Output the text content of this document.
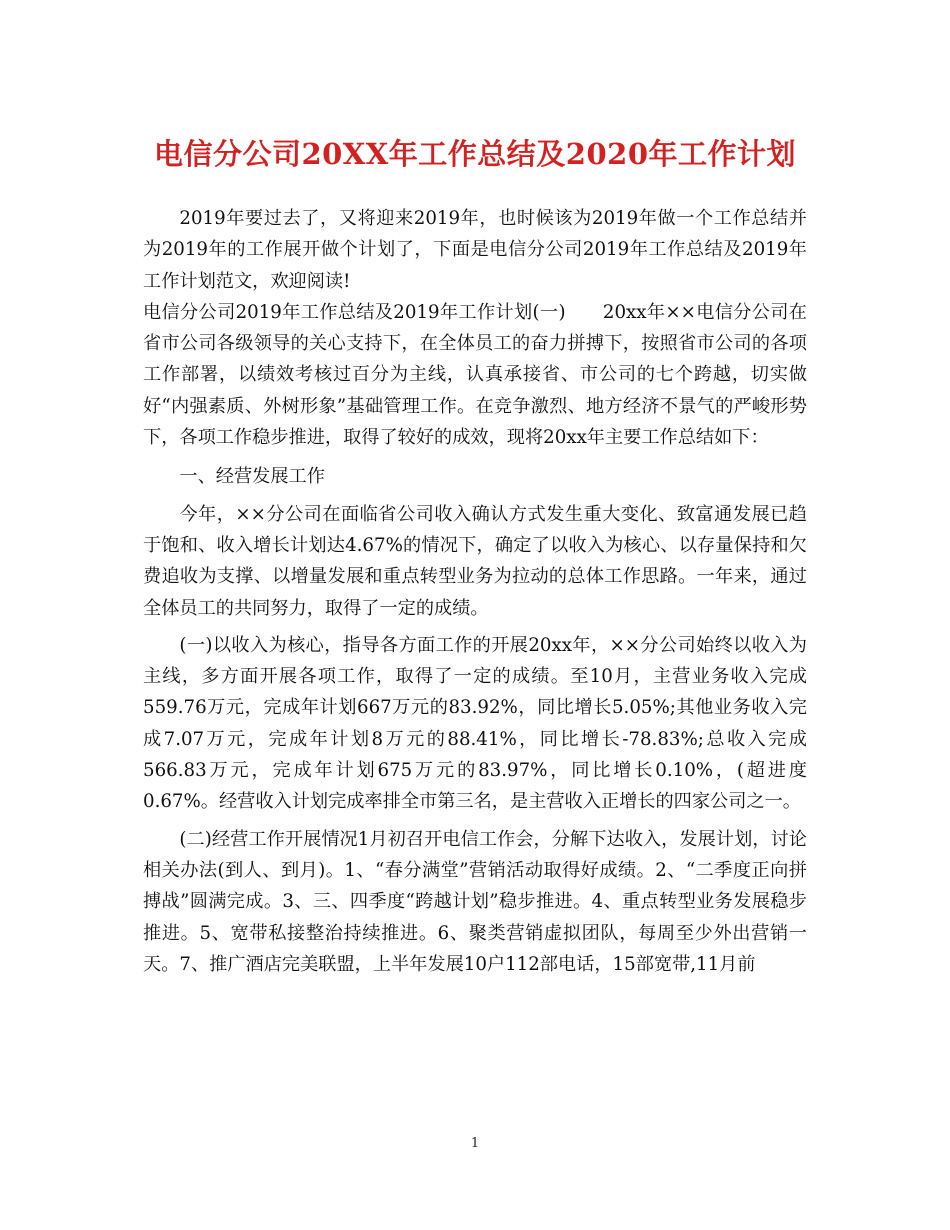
电信分公司20XX年工作总结及2020年工作计划

2019年要过去了，又将迎来2019年，也时候该为2019年做一个工作总结并为2019年的工作展开做个计划了，下面是电信分公司2019年工作总结及2019年工作计划范文，欢迎阅读!

电信分公司2019年工作总结及2019年工作计划(一)　　20xx年××电信分公司在省市公司各级领导的关心支持下，在全体员工的奋力拼搏下，按照省市公司的各项工作部署，以绩效考核过百分为主线，认真承接省、市公司的七个跨越，切实做好“内强素质、外树形象”基础管理工作。在竞争激烈、地方经济不景气的严峻形势下，各项工作稳步推进，取得了较好的成效，现将20xx年主要工作总结如下：

一、经营发展工作

今年，××分公司在面临省公司收入确认方式发生重大变化、致富通发展已趋于饱和、收入增长计划达4.67%的情况下，确定了以收入为核心、以存量保持和欠费追收为支撑、以增量发展和重点转型业务为拉动的总体工作思路。一年来，通过全体员工的共同努力，取得了一定的成绩。

(一)以收入为核心，指导各方面工作的开展20xx年，××分公司始终以收入为主线，多方面开展各项工作，取得了一定的成绩。至10月，主营业务收入完成559.76万元，完成年计划667万元的83.92%，同比增长5.05%;其他业务收入完成7.07万元，完成年计划8万元的88.41%，同比增长-78.83%;总收入完成566.83万元，完成年计划675万元的83.97%，同比增长0.10%，(超进度0.67%。经营收入计划完成率排全市第三名，是主营收入正增长的四家公司之一。

(二)经营工作开展情况1月初召开电信工作会，分解下达收入，发展计划，讨论相关办法(到人、到月)。1、“春分满堂”营销活动取得好成绩。2、“二季度正向拼搏战”圆满完成。3、三、四季度“跨越计划”稳步推进。4、重点转型业务发展稳步推进。5、宽带私接整治持续推进。6、聚类营销虚拟团队，每周至少外出营销一天。7、推广酒店完美联盟，上半年发展10户112部电话，15部宽带,11月前

1
